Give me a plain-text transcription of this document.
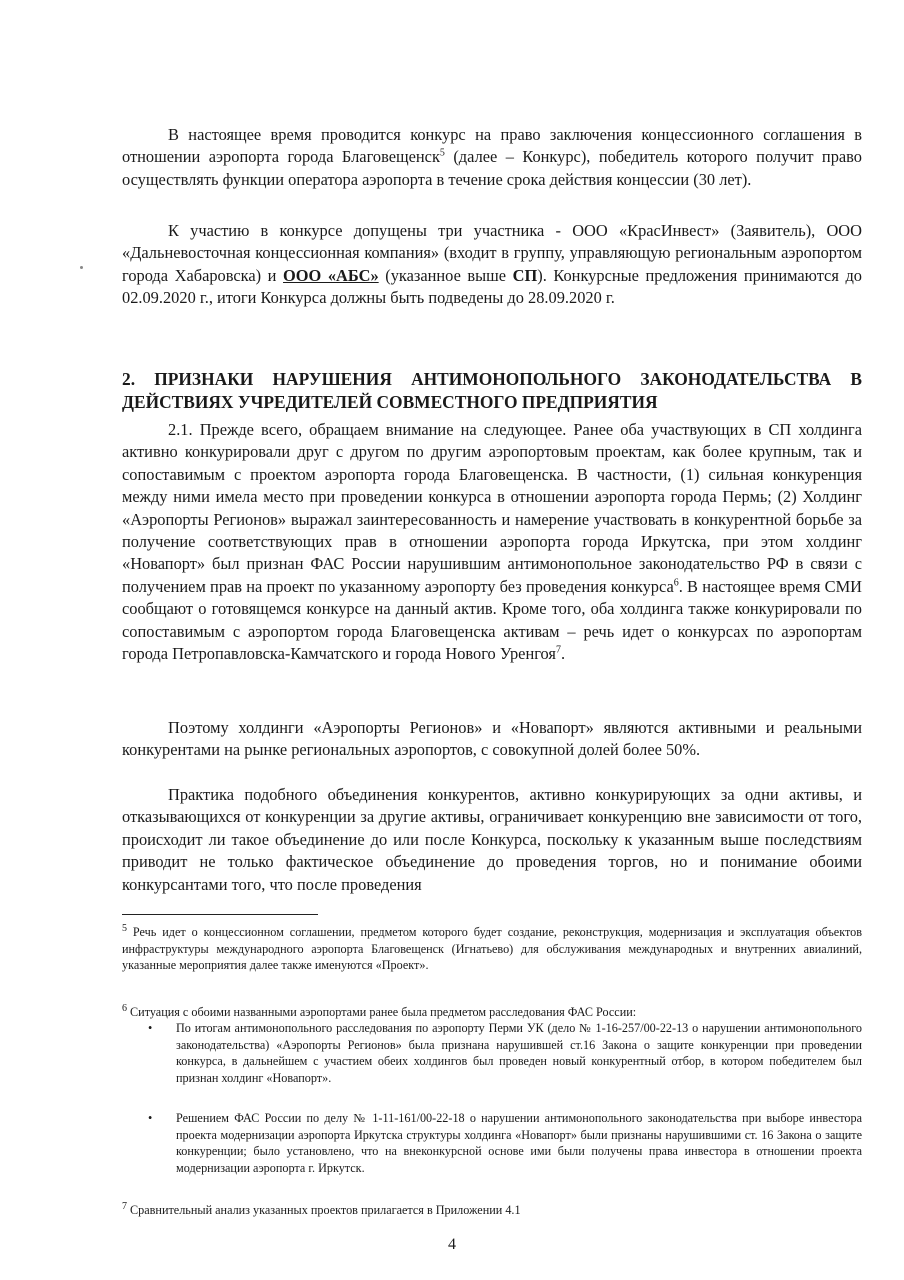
В настоящее время проводится конкурс на право заключения концессионного соглашения в отношении аэропорта города Благовещенск$^5$ (далее – Конкурс), победитель которого получит право осуществлять функции оператора аэропорта в течение срока действия концессии (30 лет).

К участию в конкурсе допущены три участника - ООО «КрасИнвест» (Заявитель), ООО «Дальневосточная концессионная компания» (входит в группу, управляющую региональным аэропортом города Хабаровска) и ООО «АБС» (указанное выше СП). Конкурсные предложения принимаются до 02.09.2020 г., итоги Конкурса должны быть подведены до 28.09.2020 г.

2. ПРИЗНАКИ НАРУШЕНИЯ АНТИМОНОПОЛЬНОГО ЗАКОНОДАТЕЛЬСТВА В ДЕЙСТВИЯХ УЧРЕДИТЕЛЕЙ СОВМЕСТНОГО ПРЕДПРИЯТИЯ

2.1. Прежде всего, обращаем внимание на следующее. Ранее оба участвующих в СП холдинга активно конкурировали друг с другом по другим аэропортовым проектам, как более крупным, так и сопоставимым с проектом аэропорта города Благовещенска. В частности, (1) сильная конкуренция между ними имела место при проведении конкурса в отношении аэропорта города Пермь; (2) Холдинг «Аэропорты Регионов» выражал заинтересованность и намерение участвовать в конкурентной борьбе за получение соответствующих прав в отношении аэропорта города Иркутска, при этом холдинг «Новапорт» был признан ФАС России нарушившим антимонопольное законодательство РФ в связи с получением прав на проект по указанному аэропорту без проведения конкурса$^6$. В настоящее время СМИ сообщают о готовящемся конкурсе на данный актив. Кроме того, оба холдинга также конкурировали по сопоставимым с аэропортом города Благовещенска активам – речь идет о конкурсах по аэропортам города Петропавловска-Камчатского и города Нового Уренгоя$^7$.

Поэтому холдинги «Аэропорты Регионов» и «Новапорт» являются активными и реальными конкурентами на рынке региональных аэропортов, с совокупной долей более 50%.

Практика подобного объединения конкурентов, активно конкурирующих за одни активы, и отказывающихся от конкуренции за другие активы, ограничивает конкуренцию вне зависимости от того, происходит ли такое объединение до или после Конкурса, поскольку к указанным выше последствиям приводит не только фактическое объединение до проведения торгов, но и понимание обоими конкурсантами того, что после проведения

$^5$ Речь идет о концессионном соглашении, предметом которого будет создание, реконструкция, модернизация и эксплуатация объектов инфраструктуры международного аэропорта Благовещенск (Игнатьево) для обслуживания международных и внутренних авиалиний, указанные мероприятия далее также именуются «Проект».

$^6$ Ситуация с обоими названными аэропортами ранее была предметом расследования ФАС России:

• По итогам антимонопольного расследования по аэропорту Перми УК (дело № 1-16-257/00-22-13 о нарушении антимонопольного законодательства) «Аэропорты Регионов» была признана нарушившей ст.16 Закона о защите конкуренции при проведении конкурса, в дальнейшем с участием обеих холдингов был проведен новый конкурентный отбор, в котором победителем был признан холдинг «Новапорт».
• Решением ФАС России по делу № 1-11-161/00-22-18 о нарушении антимонопольного законодательства при выборе инвестора проекта модернизации аэропорта Иркутска структуры холдинга «Новапорт» были признаны нарушившими ст. 16 Закона о защите конкуренции; было установлено, что на внеконкурсной основе ими были получены права инвестора в отношении проекта модернизации аэропорта г. Иркутск.

$^7$ Сравнительный анализ указанных проектов прилагается в Приложении 4.1

4
